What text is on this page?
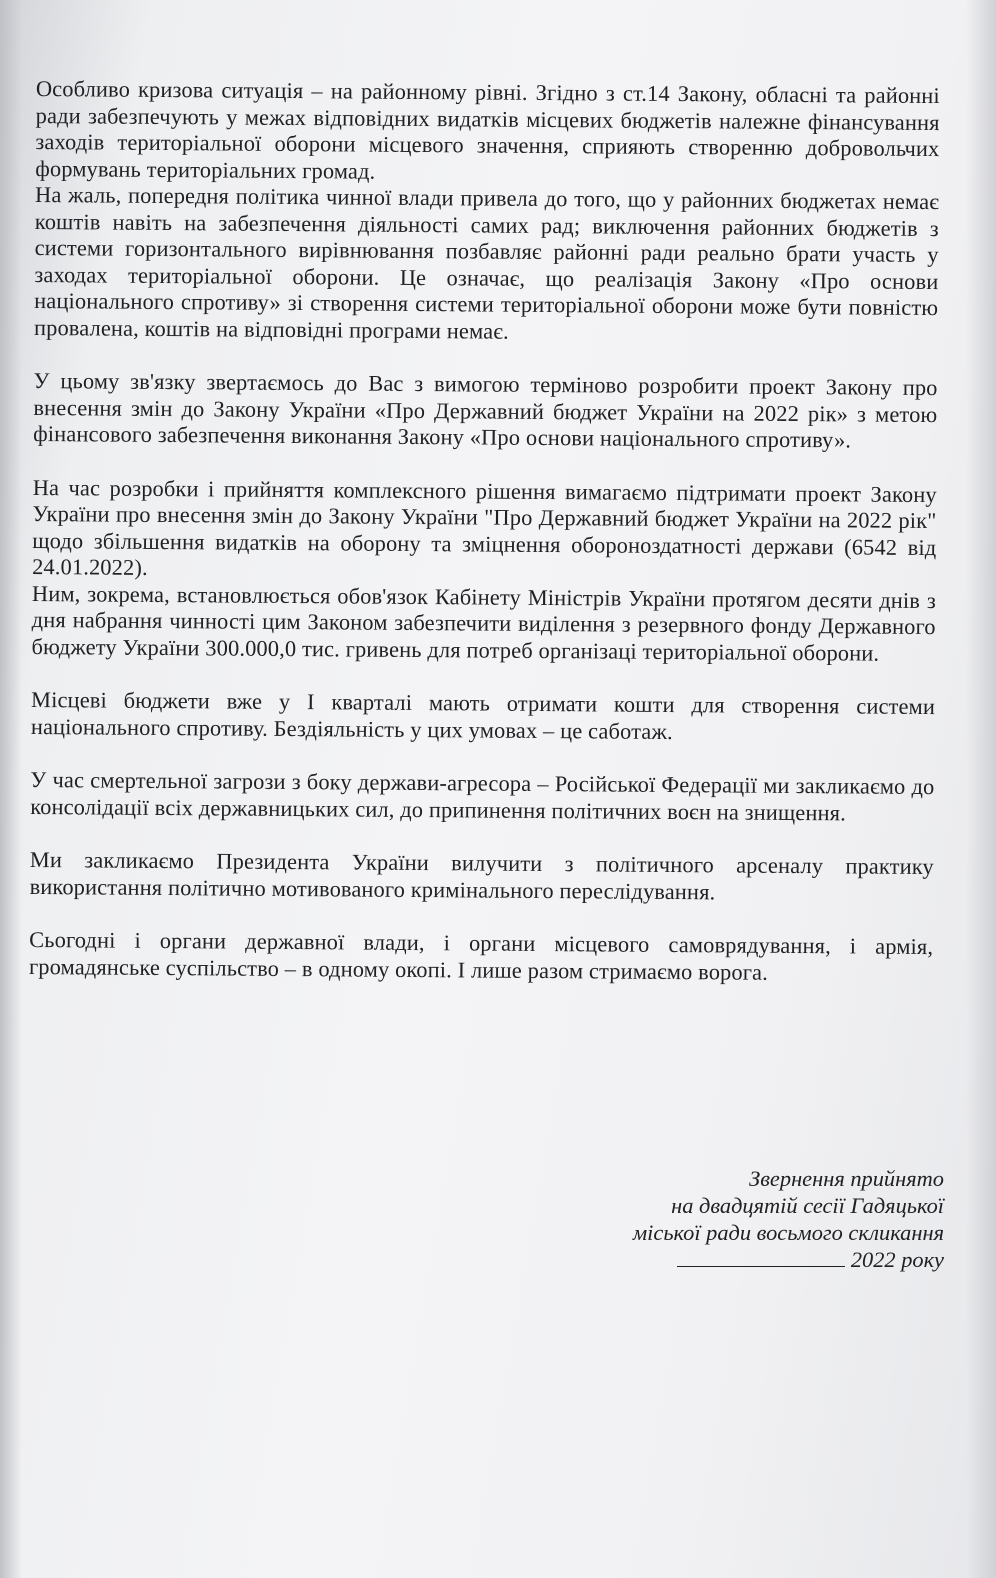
Особливо кризова ситуація – на районному рівні. Згідно з ст.14 Закону, обласні та районні ради забезпечують у межах відповідних видатків місцевих бюджетів належне фінансування заходів територіальної оборони місцевого значення, сприяють створенню добровольчих формувань територіальних громад.

На жаль, попередня політика чинної влади привела до того, що у районних бюджетах немає коштів навіть на забезпечення діяльності самих рад; виключення районних бюджетів з системи горизонтального вирівнювання позбавляє районні ради реально брати участь у заходах територіальної оборони. Це означає, що реалізація Закону «Про основи національного спротиву» зі створення системи територіальної оборони може бути повністю провалена, коштів на відповідні програми немає.

У цьому зв'язку звертаємось до Вас з вимогою терміново розробити проект Закону про внесення змін до Закону України «Про Державний бюджет України на 2022 рік» з метою фінансового забезпечення виконання Закону «Про основи національного спротиву».

На час розробки і прийняття комплексного рішення вимагаємо підтримати проект Закону України про внесення змін до Закону України "Про Державний бюджет України на 2022 рік" щодо збільшення видатків на оборону та зміцнення обороноздатності держави (6542 від 24.01.2022).

Ним, зокрема, встановлюється обов'язок Кабінету Міністрів України протягом десяти днів з дня набрання чинності цим Законом забезпечити виділення з резервного фонду Державного бюджету України 300.000,0 тис. гривень для потреб організаці територіальної оборони.

Місцеві бюджети вже у І кварталі мають отримати кошти для створення системи національного спротиву. Бездіяльність у цих умовах – це саботаж.

У час смертельної загрози з боку держави-агресора – Російської Федерації ми закликаємо до консолідації всіх державницьких сил, до припинення політичних воєн на знищення.

Ми закликаємо Президента України вилучити з політичного арсеналу практику використання політично мотивованого кримінального переслідування.

Сьогодні і органи державної влади, і органи місцевого самоврядування, і армія, громадянське суспільство – в одному окопі. І лише разом стримаємо ворога.

Звернення прийнято
на двадцятій сесії Гадяцької
міської ради восьмого скликання
2022 року
